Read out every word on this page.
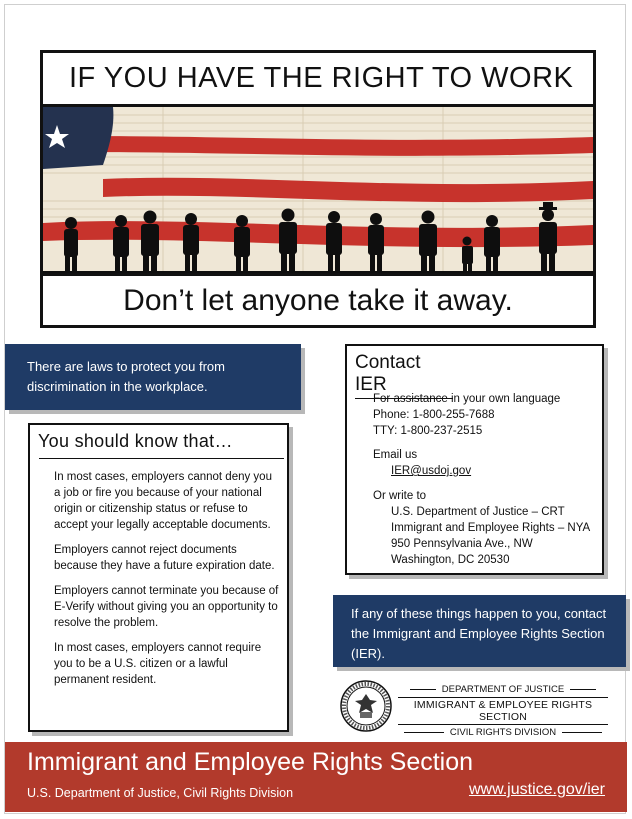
IF YOU HAVE THE RIGHT TO WORK
Don’t let anyone take it away.
There are laws to protect you from discrimination in the workplace.
Contact IER
For assistance in your own language
Phone: 1-800-255-7688
TTY: 1-800-237-2515
Email us
IER@usdoj.gov
Or write to
U.S. Department of Justice – CRT
Immigrant and Employee Rights – NYA
950 Pennsylvania Ave., NW
Washington, DC 20530
You should know that…

In most cases, employers cannot deny you a job or fire you because of your national origin or citizenship status or refuse to accept your legally acceptable documents.

Employers cannot reject documents because they have a future expiration date.

Employers cannot terminate you because of E-Verify without giving you an opportunity to resolve the problem.

In most cases, employers cannot require you to be a U.S. citizen or a lawful permanent resident.

If any of these things happen to you, contact the Immigrant and Employee Rights Section (IER).
DEPARTMENT OF JUSTICE
IMMIGRANT & EMPLOYEE RIGHTS SECTION
CIVIL RIGHTS DIVISION
Immigrant and Employee Rights Section
U.S. Department of Justice, Civil Rights Division	www.justice.gov/ier
